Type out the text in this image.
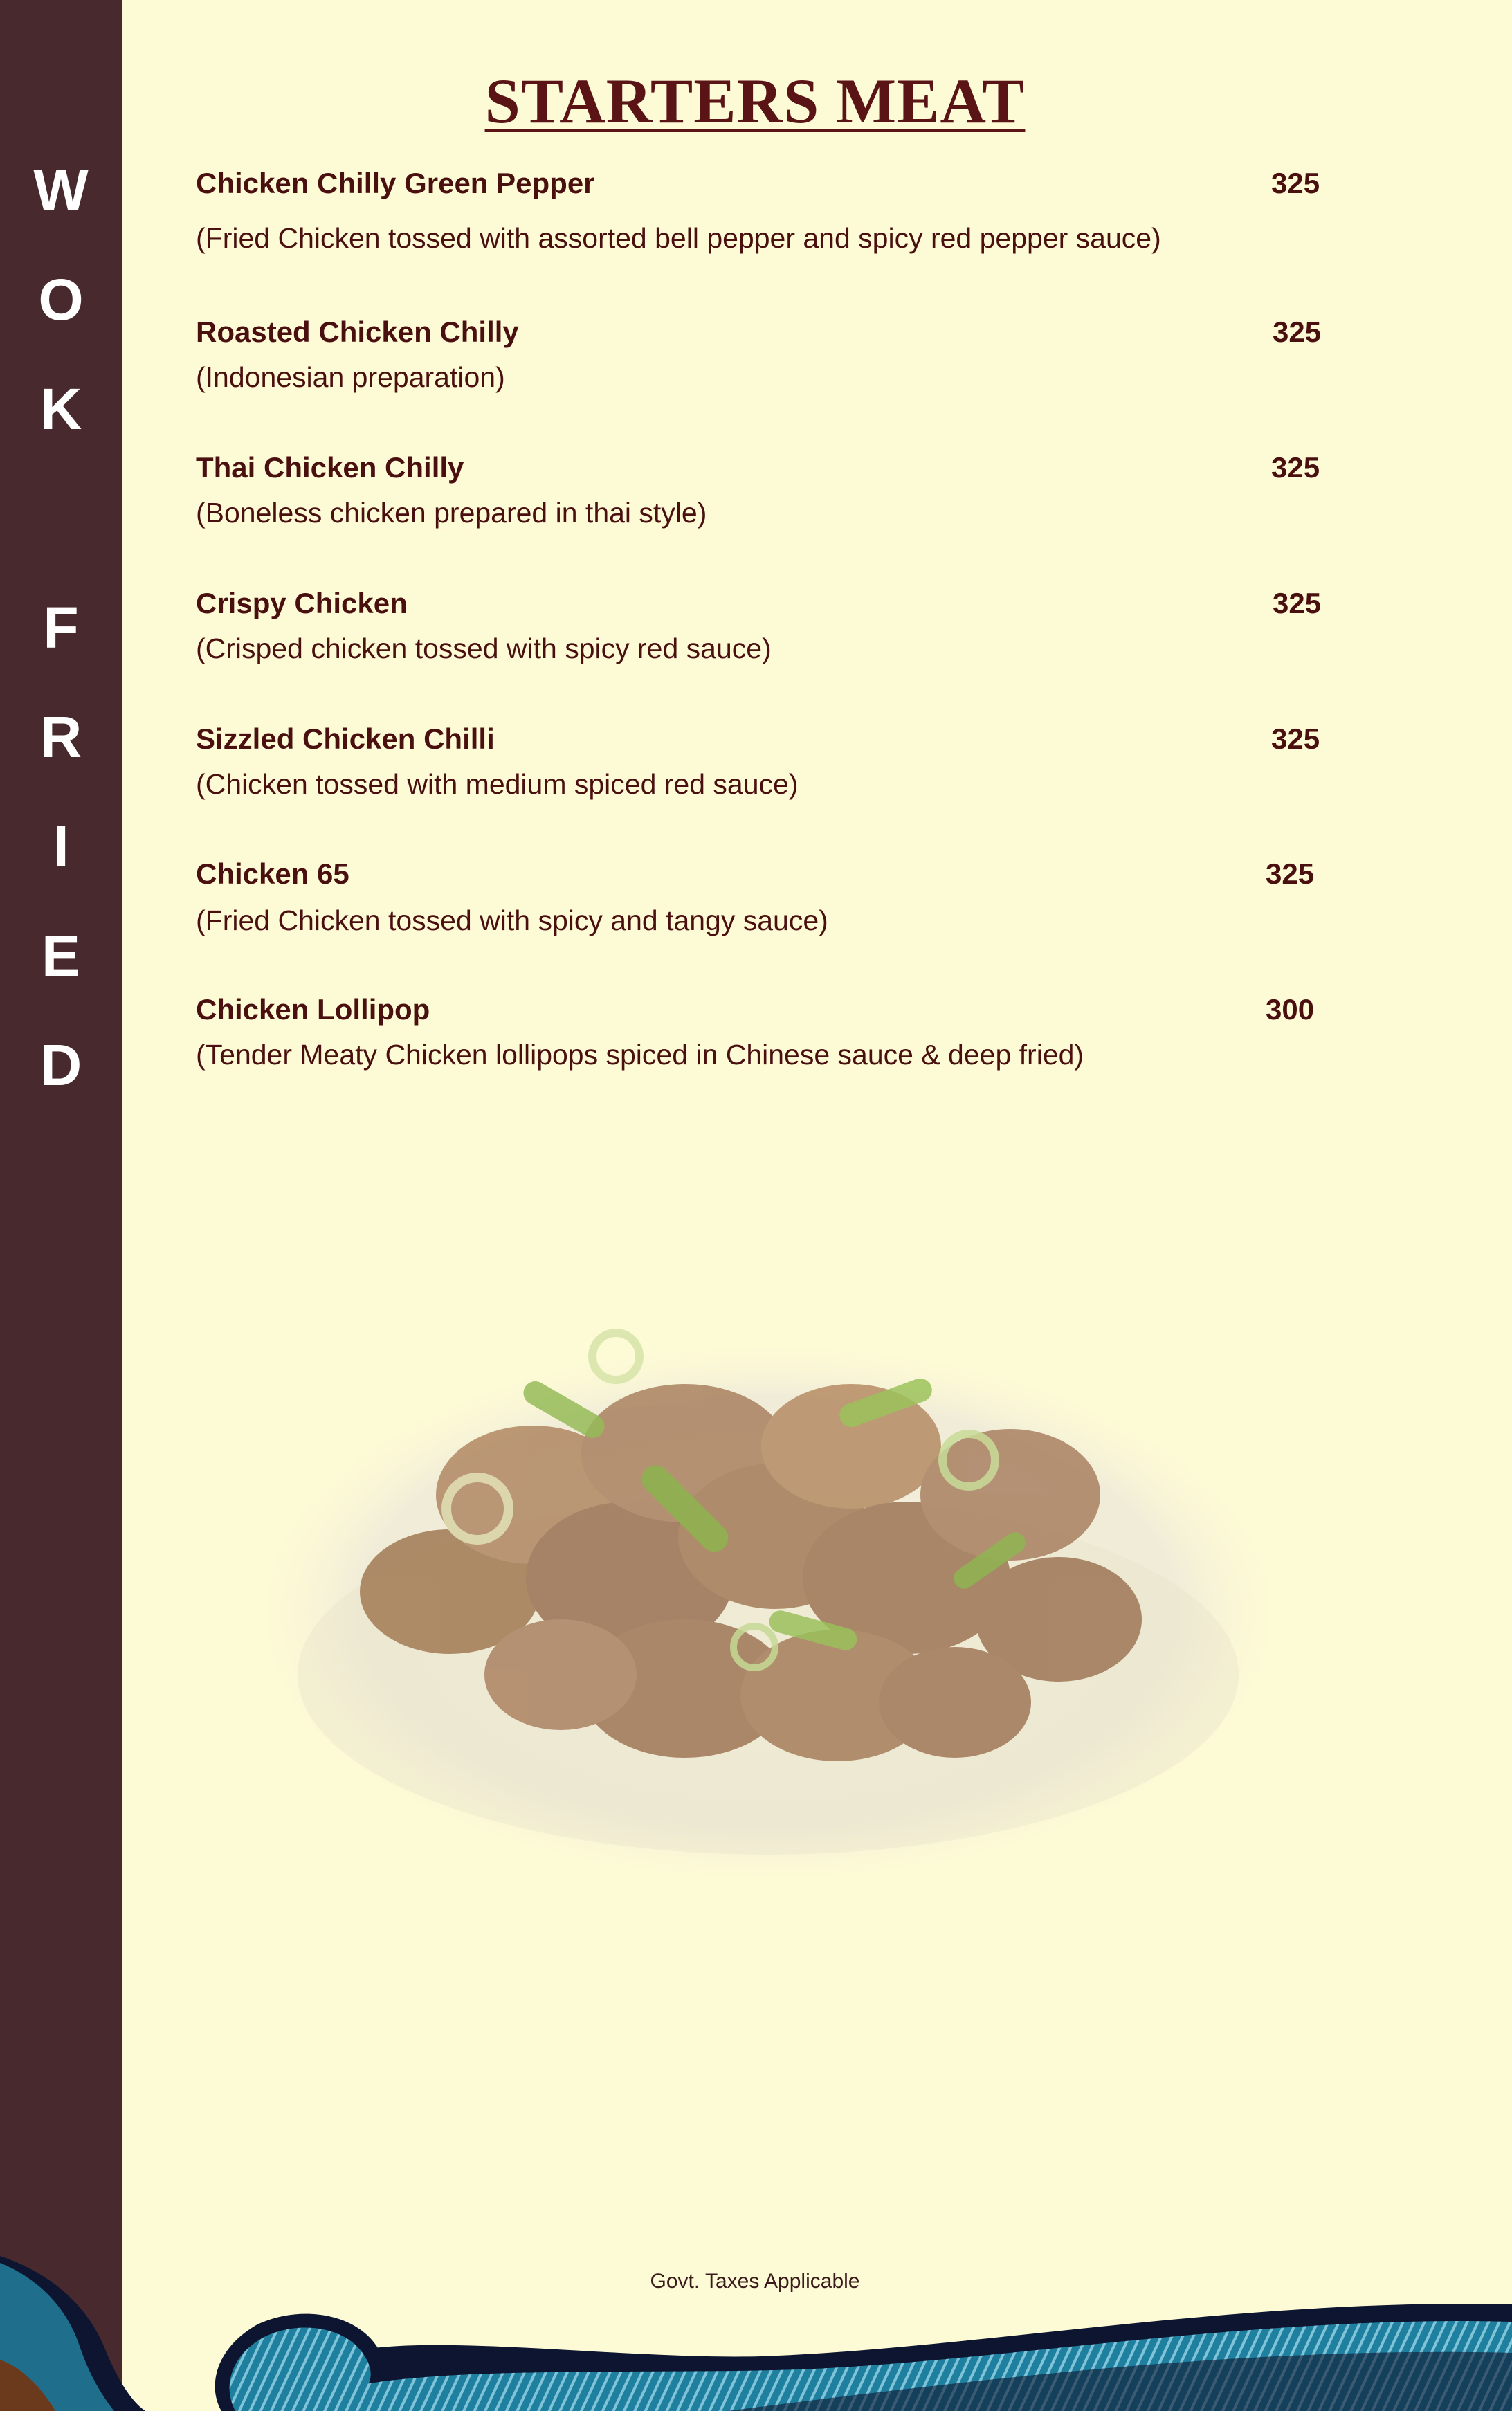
W
O
K
F
R
I
E
D
STARTERS MEAT
Chicken Chilly Green Pepper	325
(Fried Chicken tossed with assorted bell pepper and spicy red pepper sauce)
Roasted Chicken Chilly	325
(Indonesian preparation)
Thai Chicken Chilly	325
(Boneless chicken prepared in thai style)
Crispy Chicken	325
(Crisped chicken tossed with spicy red sauce)
Sizzled Chicken Chilli	325
(Chicken tossed with medium spiced red sauce)
Chicken 65	325
(Fried Chicken tossed with spicy and tangy sauce)
Chicken Lollipop	300
(Tender Meaty Chicken lollipops spiced in Chinese sauce & deep fried)
Govt. Taxes Applicable
